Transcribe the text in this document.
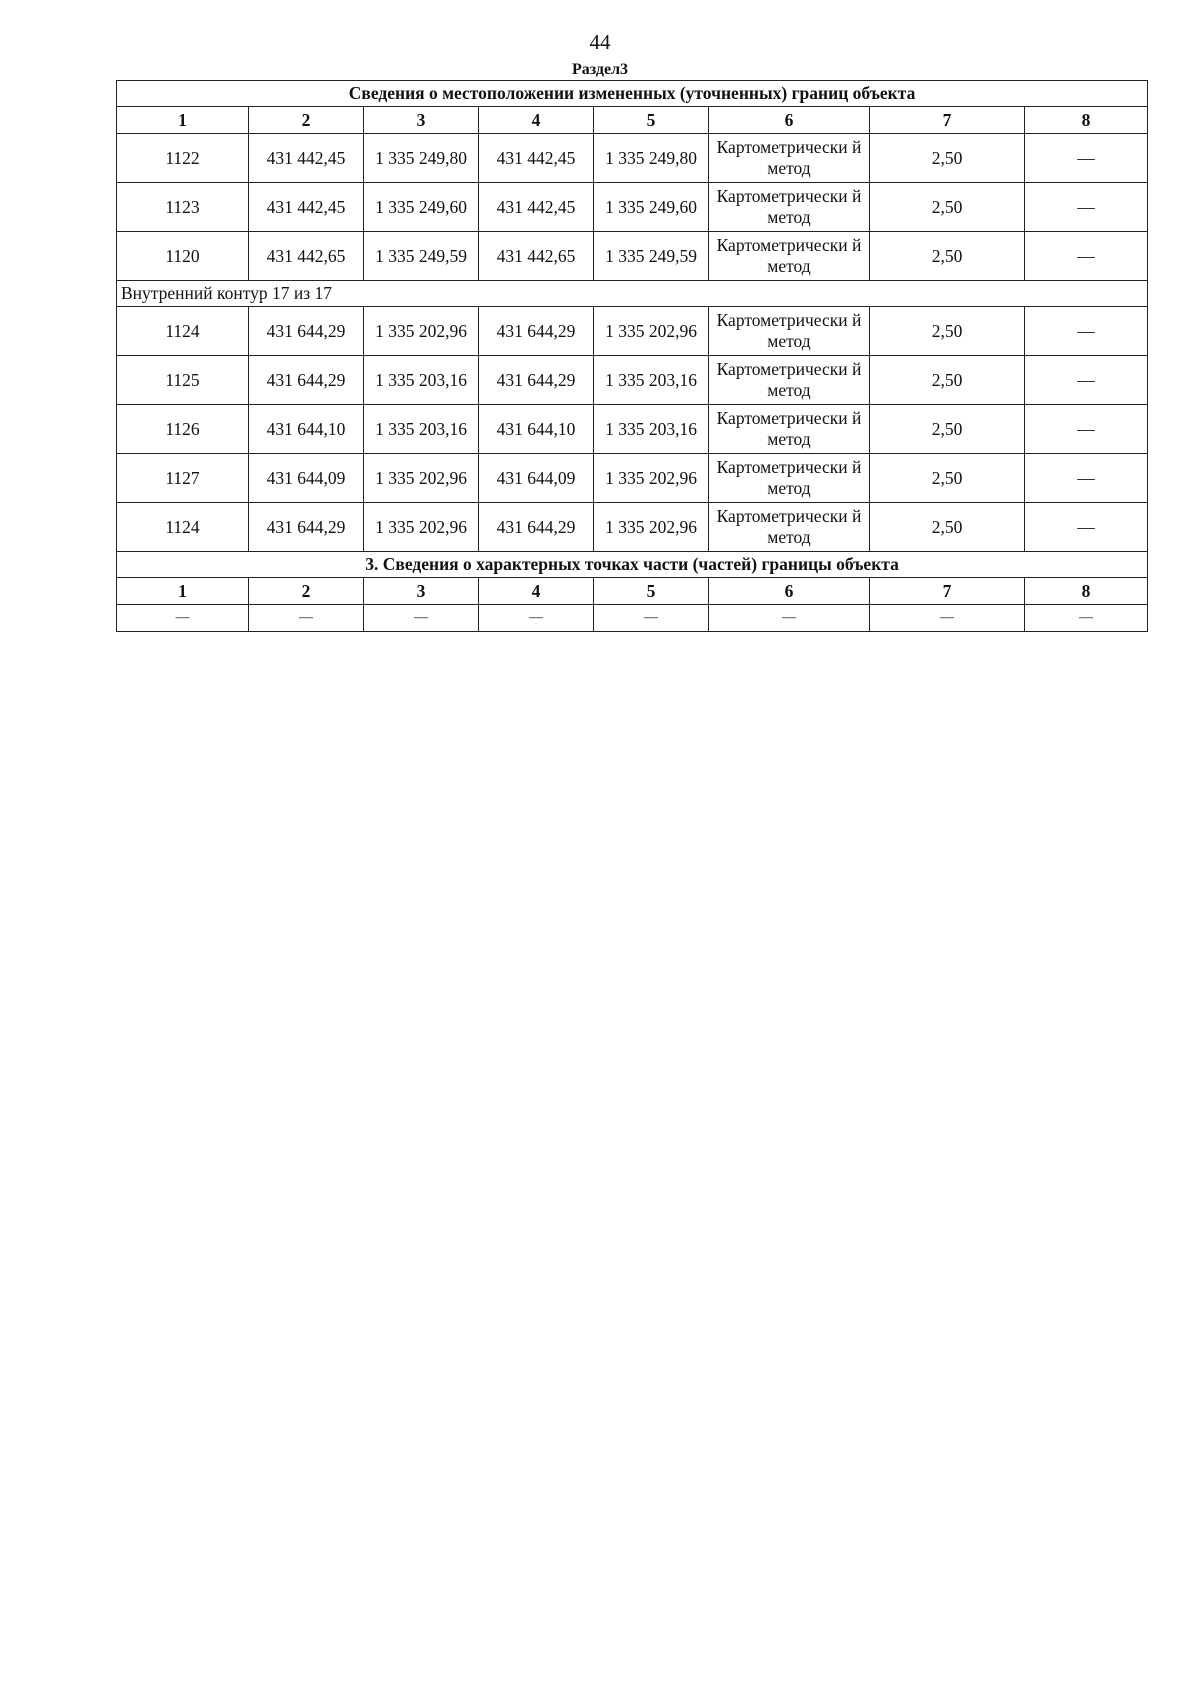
44
Раздел3
Сведения о местоположении измененных (уточненных) границ объекта							
1	2	3	4	5	6	7	8
1122	431 442,45	1 335 249,80	431 442,45	1 335 249,80	Картометрически й метод	2,50	—
1123	431 442,45	1 335 249,60	431 442,45	1 335 249,60	Картометрически й метод	2,50	—
1120	431 442,65	1 335 249,59	431 442,65	1 335 249,59	Картометрически й метод	2,50	—
Внутренний контур 17 из 17							
1124	431 644,29	1 335 202,96	431 644,29	1 335 202,96	Картометрически й метод	2,50	—
1125	431 644,29	1 335 203,16	431 644,29	1 335 203,16	Картометрически й метод	2,50	—
1126	431 644,10	1 335 203,16	431 644,10	1 335 203,16	Картометрически й метод	2,50	—
1127	431 644,09	1 335 202,96	431 644,09	1 335 202,96	Картометрически й метод	2,50	—
1124	431 644,29	1 335 202,96	431 644,29	1 335 202,96	Картометрически й метод	2,50	—
3. Сведения о характерных точках части (частей) границы объекта							
1	2	3	4	5	6	7	8
—	—	—	—	—	—	—	—
